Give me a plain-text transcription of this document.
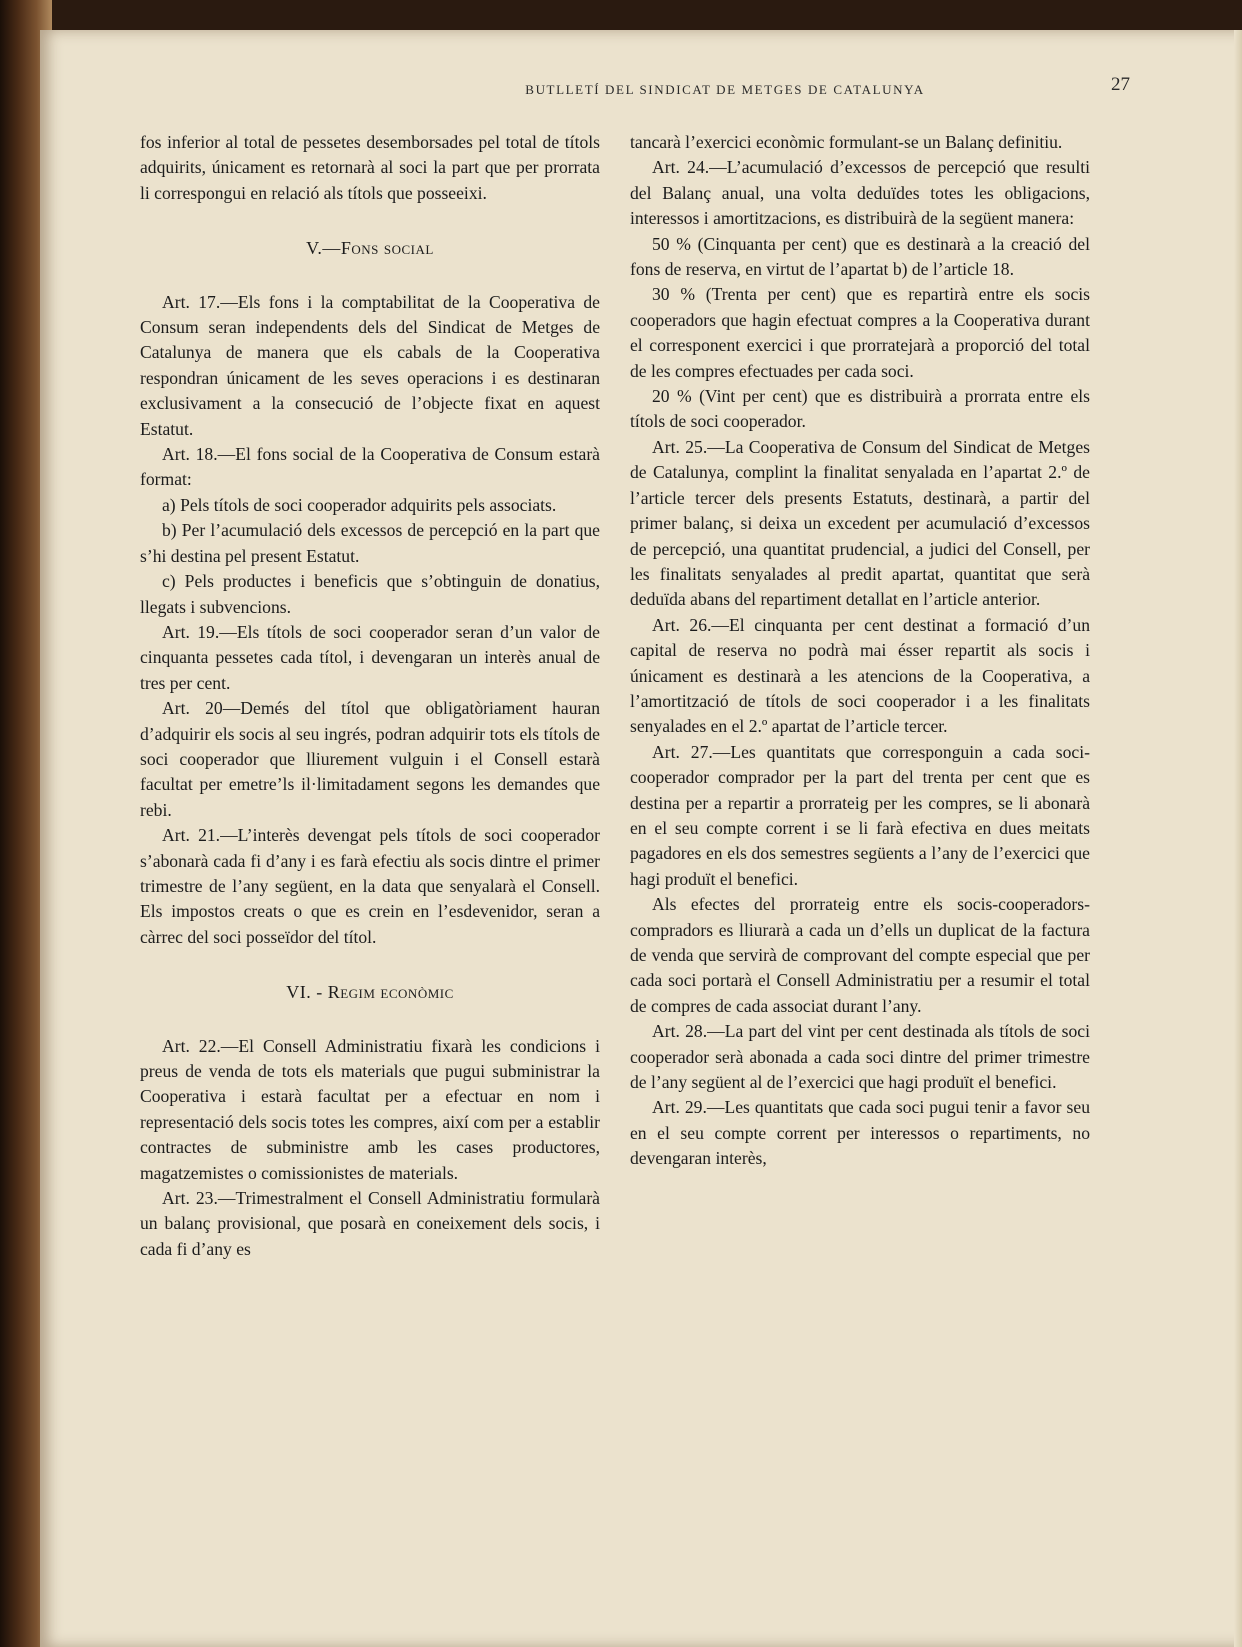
BUTLLETÍ DEL SINDICAT DE METGES DE CATALUNYA	27

fos inferior al total de pessetes desemborsades pel total de títols adquirits, únicament es retornarà al soci la part que per prorrata li correspongui en relació als títols que posseeixi.

V.—Fons social

Art. 17.—Els fons i la comptabilitat de la Cooperativa de Consum seran independents dels del Sindicat de Metges de Catalunya de manera que els cabals de la Cooperativa respondran únicament de les seves operacions i es destinaran exclusivament a la consecució de l’objecte fixat en aquest Estatut.

Art. 18.—El fons social de la Cooperativa de Consum estarà format:

a) Pels títols de soci cooperador adquirits pels associats.

b) Per l’acumulació dels excessos de percepció en la part que s’hi destina pel present Estatut.

c) Pels productes i beneficis que s’obtinguin de donatius, llegats i subvencions.

Art. 19.—Els títols de soci cooperador seran d’un valor de cinquanta pessetes cada títol, i devengaran un interès anual de tres per cent.

Art. 20—Demés del títol que obligatòriament hauran d’adquirir els socis al seu ingrés, podran adquirir tots els títols de soci cooperador que lliurement vulguin i el Consell estarà facultat per emetre’ls il·limitadament segons les demandes que rebi.

Art. 21.—L’interès devengat pels títols de soci cooperador s’abonarà cada fi d’any i es farà efectiu als socis dintre el primer trimestre de l’any següent, en la data que senyalarà el Consell. Els impostos creats o que es crein en l’esdevenidor, seran a càrrec del soci posseïdor del títol.

VI. - Regim econòmic

Art. 22.—El Consell Administratiu fixarà les condicions i preus de venda de tots els materials que pugui subministrar la Cooperativa i estarà facultat per a efectuar en nom i representació dels socis totes les compres, així com per a establir contractes de subministre amb les cases productores, magatzemistes o comissionistes de materials.

Art. 23.—Trimestralment el Consell Administratiu formularà un balanç provisional, que posarà en coneixement dels socis, i cada fi d’any es

tancarà l’exercici econòmic formulant-se un Balanç definitiu.

Art. 24.—L’acumulació d’excessos de percepció que resulti del Balanç anual, una volta deduïdes totes les obligacions, interessos i amortitzacions, es distribuirà de la següent manera:

50 % (Cinquanta per cent) que es destinarà a la creació del fons de reserva, en virtut de l’apartat b) de l’article 18.

30 % (Trenta per cent) que es repartirà entre els socis cooperadors que hagin efectuat compres a la Cooperativa durant el corresponent exercici i que prorratejarà a proporció del total de les compres efectuades per cada soci.

20 % (Vint per cent) que es distribuirà a prorrata entre els títols de soci cooperador.

Art. 25.—La Cooperativa de Consum del Sindicat de Metges de Catalunya, complint la finalitat senyalada en l’apartat 2.º de l’article tercer dels presents Estatuts, destinarà, a partir del primer balanç, si deixa un excedent per acumulació d’excessos de percepció, una quantitat prudencial, a judici del Consell, per les finalitats senyalades al predit apartat, quantitat que serà deduïda abans del repartiment detallat en l’article anterior.

Art. 26.—El cinquanta per cent destinat a formació d’un capital de reserva no podrà mai ésser repartit als socis i únicament es destinarà a les atencions de la Cooperativa, a l’amortització de títols de soci cooperador i a les finalitats senyalades en el 2.º apartat de l’article tercer.

Art. 27.—Les quantitats que corresponguin a cada soci-cooperador comprador per la part del trenta per cent que es destina per a repartir a prorrateig per les compres, se li abonarà en el seu compte corrent i se li farà efectiva en dues meitats pagadores en els dos semestres següents a l’any de l’exercici que hagi produït el benefici.

Als efectes del prorrateig entre els socis-cooperadors-compradors es lliurarà a cada un d’ells un duplicat de la factura de venda que servirà de comprovant del compte especial que per cada soci portarà el Consell Administratiu per a resumir el total de compres de cada associat durant l’any.

Art. 28.—La part del vint per cent destinada als títols de soci cooperador serà abonada a cada soci dintre del primer trimestre de l’any següent al de l’exercici que hagi produït el benefici.

Art. 29.—Les quantitats que cada soci pugui tenir a favor seu en el seu compte corrent per interessos o repartiments, no devengaran interès,
